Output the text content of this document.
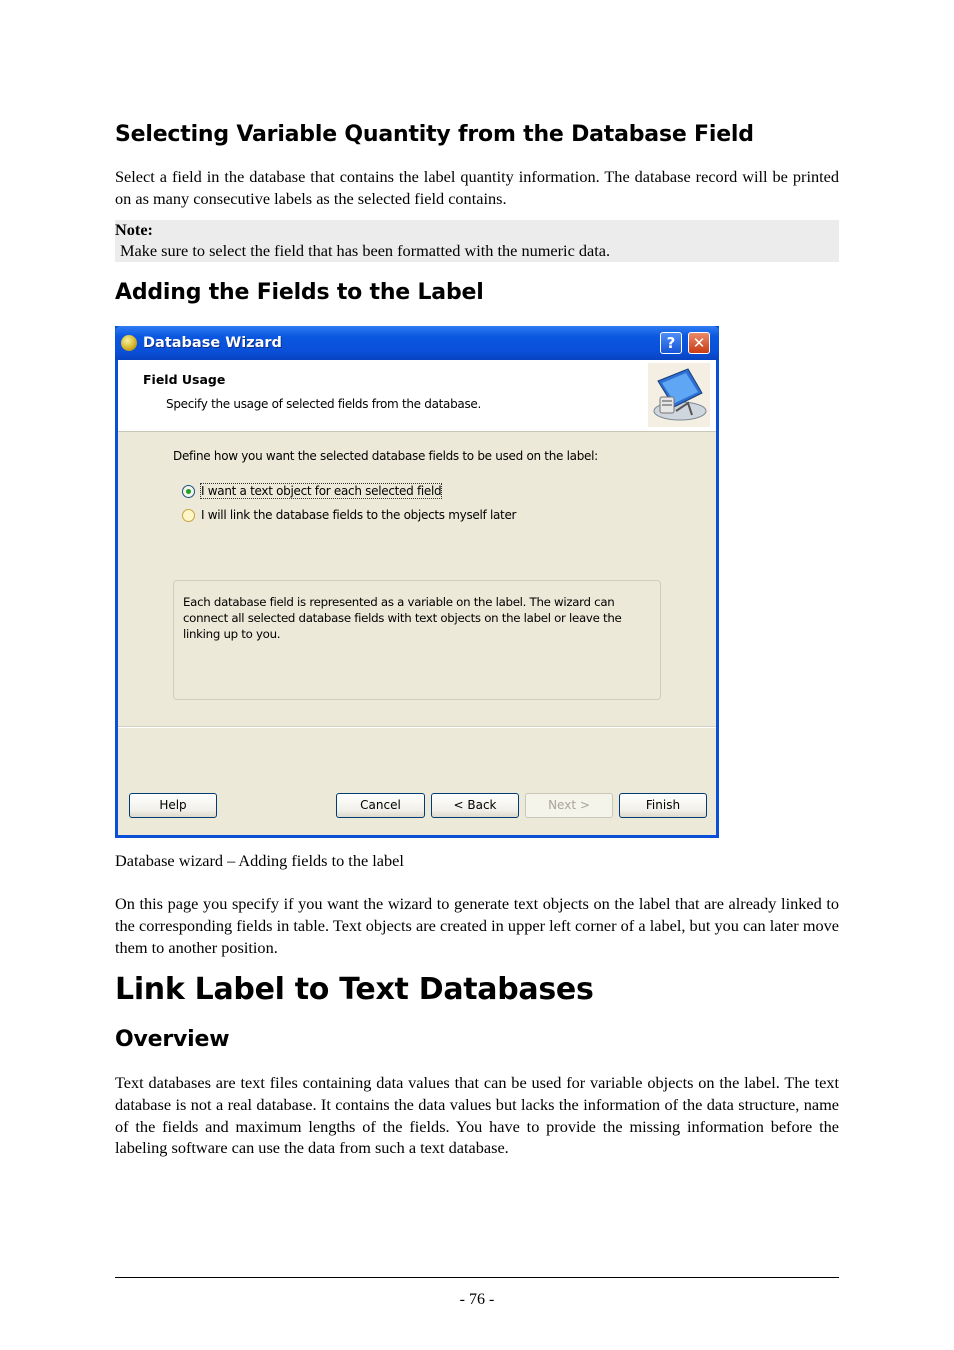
Selecting Variable Quantity from the Database Field

Select a field in the database that contains the label quantity information. The database record will be printed on as many consecutive labels as the selected field contains.

Note:
Make sure to select the field that has been formatted with the numeric data.
Adding the Fields to the Label
Database Wizard	?	✕
Field Usage
Specify the usage of selected fields from the database.
Define how you want the selected database fields to be used on the label:
I want a text object for each selected field
I will link the database fields to the objects myself later
Each database field is represented as a variable on the label. The wizard can connect all selected database fields with text objects on the label or leave the linking up to you.
Help	Cancel	< Back	Next >	Finish
Database wizard – Adding fields to the label

On this page you specify if you want the wizard to generate text objects on the label that are already linked to the corresponding fields in table. Text objects are created in upper left corner of a label, but you can later move them to another position.

Link Label to Text Databases
Overview

Text databases are text files containing data values that can be used for variable objects on the label. The text database is not a real database. It contains the data values but lacks the information of the data structure, name of the fields and maximum lengths of the fields. You have to provide the missing information before the labeling software can use the data from such a text database.

- 76 -
